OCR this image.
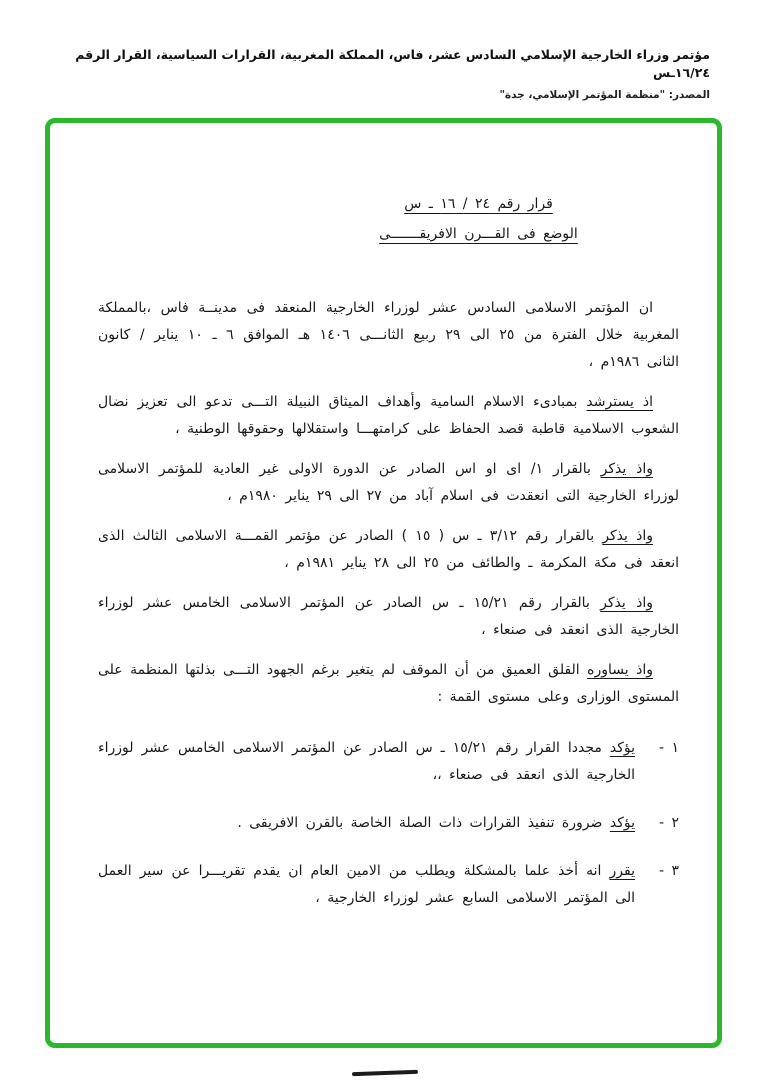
مؤتمر وزراء الخارجية الإسلامي السادس عشر، فاس، المملكة المغربية، القرارات السياسية، القرار الرقم ١٦/٢٤ـس
المصدر: "منظمة المؤتمر الإسلامي، جدة"
قرار رقم ٢٤ / ١٦ ـ س
الوضع فى القـــرن الافريقـــــــى

ان المؤتمر الاسلامى السادس عشر لوزراء الخارجية المنعقد فى مدينــة فاس ،بالمملكة المغربية خلال الفترة من ٢٥ الى ٢٩ ربيع الثانـــى ١٤٠٦ هـ الموافق ٦ ـ ١٠ يناير / كانون الثانى ١٩٨٦م ،

اذ يسترشد بمبادىء الاسلام السامية وأهداف الميثاق النبيلة التـــى تدعو الى تعزيز نضال الشعوب الاسلامية قاطبة قصد الحفاظ على كرامتهـــا واستقلالها وحقوقها الوطنية ،

واذ يذكر بالقرار ١/ اى او اس الصادر عن الدورة الاولى غير العادية للمؤتمر الاسلامى لوزراء الخارجية التى انعقدت فى اسلام آباد من ٢٧ الى ٢٩ يناير ١٩٨٠م ،

واذ يذكر بالقرار رقم ٣/١٢ ـ س ( ١٥ ) الصادر عن مؤتمر القمـــة الاسلامى الثالث الذى انعقد فى مكة المكرمة ـ والطائف من ٢٥ الى ٢٨ يناير ١٩٨١م ،

واذ يذكر بالقرار رقم ١٥/٢١ ـ س الصادر عن المؤتمر الاسلامى الخامس عشر لوزراء الخارجية الذى انعقد فى صنعاء ،

واذ يساوره القلق العميق من أن الموقف لم يتغير برغم الجهود التـــى بذلتها المنظمة على المستوى الوزارى وعلى مستوى القمة :

١ -
يؤكد مجددا القرار رقم ١٥/٢١ ـ س الصادر عن المؤتمر الاسلامى الخامس عشر لوزراء الخارجية الذى انعقد فى صنعاء ،،
٢ -
يؤكد ضرورة تنفيذ القرارات ذات الصلة الخاصة بالقرن الافريقى .
٣ -
يقرر انه أخذ علما بالمشكلة ويطلب من الامين العام ان يقدم تقريـــرا عن سير العمل الى المؤتمر الاسلامى السابع عشر لوزراء الخارجية ،
